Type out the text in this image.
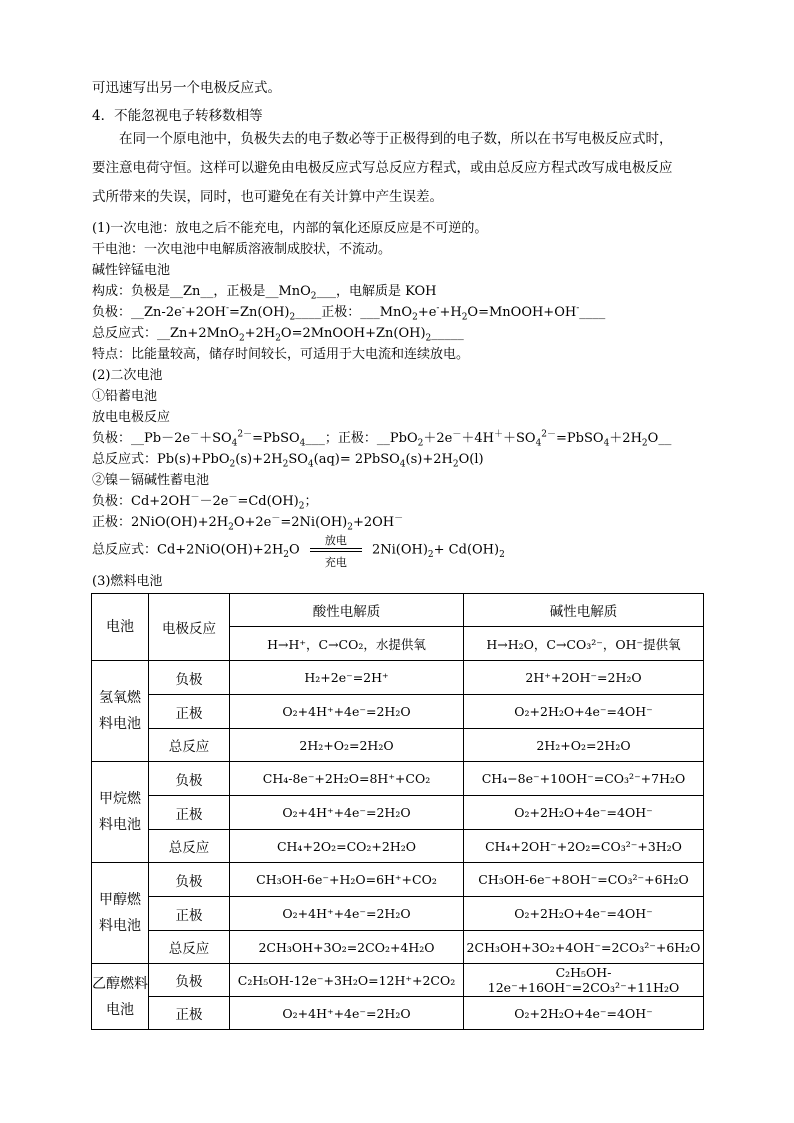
可迅速写出另一个电极反应式。
4．不能忽视电子转移数相等
在同一个原电池中，负极失去的电子数必等于正极得到的电子数，所以在书写电极反应式时，
要注意电荷守恒。这样可以避免由电极反应式写总反应方程式，或由总反应方程式改写成电极反应
式所带来的失误，同时，也可避免在有关计算中产生误差。
(1)一次电池：放电之后不能充电，内部的氧化还原反应是不可逆的。
干电池：一次电池中电解质溶液制成胶状，不流动。
碱性锌锰电池
构成：负极是__Zn__，正极是__MnO$_2$___，电解质是 KOH
负极：$\_\_Zn-2e^-+2OH^-=Zn(OH)_2\_\_\_\_$正极：$\_\_\_MnO_2+e^-+H_2O=MnOOH+OH^-\_\_\_\_$
总反应式：$\_\_Zn+2MnO_2+2H_2O=2MnOOH+Zn(OH)_2\_\_\_\_\_$
特点：比能量较高，储存时间较长，可适用于大电流和连续放电。
(2)二次电池
①铅蓄电池
放电电极反应
负极：$\_\_Pb-2e^-+SO_4^{2-}=PbSO_4\_\_\_$；正极：$\_\_PbO_2+2e^-+4H^++SO_4^{2-}=PbSO_4+2H_2O\_\_$
总反应式：$Pb(s)+PbO_2(s)+2H_2SO_4(aq)=$ $2PbSO_4(s)+2H_2O(l)$
②镍－镉碱性蓄电池
负极：$Cd+2OH^--2e^-=Cd(OH)_2$；
正极：$2NiO(OH)+2H_2O+2e^-=2Ni(OH)_2+2OH^-$
总反应式：$Cd+2NiO(OH)+2H_2O$
放电
充电
$2Ni(OH)_2+ Cd(OH)_2$
(3)燃料电池
电池	电极反应	酸性电解质	碱性电解质
		H→H⁺，C→CO₂，水提供氧	H→H₂O，C→CO₃²⁻，OH⁻提供氧

氢氧燃
料电池	负极	H₂+2e⁻=2H⁺	2H⁺+2OH⁻=2H₂O
	正极	O₂+4H⁺+4e⁻=2H₂O	O₂+2H₂O+4e⁻=4OH⁻
	总反应	2H₂+O₂=2H₂O	2H₂+O₂=2H₂O

甲烷燃
料电池	负极	CH₄-8e⁻+2H₂O=8H⁺+CO₂	CH₄−8e⁻+10OH⁻=CO₃²⁻+7H₂O
	正极	O₂+4H⁺+4e⁻=2H₂O	O₂+2H₂O+4e⁻=4OH⁻
	总反应	CH₄+2O₂=CO₂+2H₂O	CH₄+2OH⁻+2O₂=CO₃²⁻+3H₂O

甲醇燃
料电池	负极	CH₃OH-6e⁻+H₂O=6H⁺+CO₂	CH₃OH-6e⁻+8OH⁻=CO₃²⁻+6H₂O
	正极	O₂+4H⁺+4e⁻=2H₂O	O₂+2H₂O+4e⁻=4OH⁻
	总反应	2CH₃OH+3O₂=2CO₂+4H₂O	2CH₃OH+3O₂+4OH⁻=2CO₃²⁻+6H₂O

乙醇燃料
电池	负极	C₂H₅OH-12e⁻+3H₂O=12H⁺+2CO₂	C₂H₅OH-12e⁻+16OH⁻=2CO₃²⁻+11H₂O
	正极	O₂+4H⁺+4e⁻=2H₂O	O₂+2H₂O+4e⁻=4OH⁻
